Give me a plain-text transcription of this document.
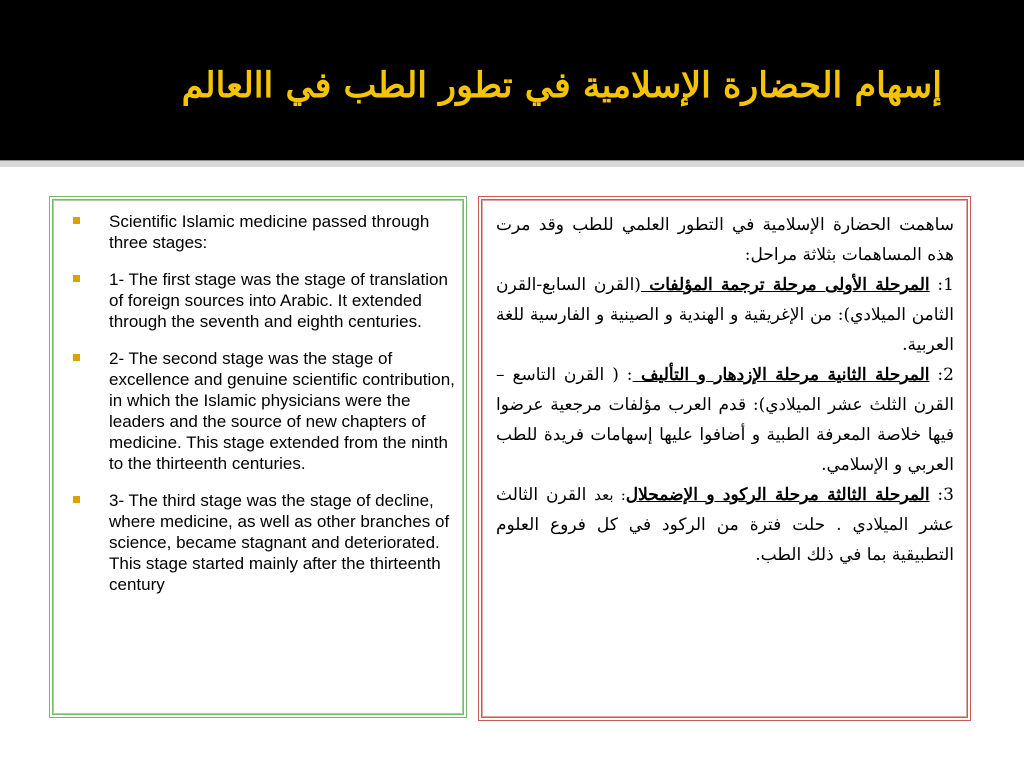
إسهام الحضارة الإسلامية في تطور الطب في االعالم
Scientific Islamic medicine passed through three stages:
1- The first stage was the stage of translation of foreign sources into Arabic. It extended through the seventh and eighth centuries.
2- The second stage was the stage of excellence and genuine scientific contribution, in which the Islamic physicians were the leaders and the source of new chapters of medicine. This stage extended from the ninth to the thirteenth centuries.
3- The third stage was the stage of decline, where medicine, as well as other branches of science, became stagnant and deteriorated. This stage started mainly after the thirteenth century

ساهمت الحضارة الإسلامية في التطور العلمي للطب وقد مرت هذه المساهمات بثلاثة مراحل:

1: المرحلة الأولى مرحلة ترجمة المؤلفات (القرن السابع-القرن الثامن الميلادي): من الإغريقية و الهندية و الصينية و الفارسية للغة العربية.

2: المرحلة الثانية مرحلة الإزدهار و التأليف : ( القرن التاسع – القرن الثلث عشر الميلادي): قدم العرب مؤلفات مرجعية عرضوا فيها خلاصة المعرفة الطبية و أضافوا عليها إسهامات فريدة للطب العربي و الإسلامي.

3: المرحلة الثالثة مرحلة الركود و الإضمحلال: بعد القرن الثالث عشر الميلادي . حلت فترة من الركود في كل فروع العلوم التطبيقية بما في ذلك الطب.
